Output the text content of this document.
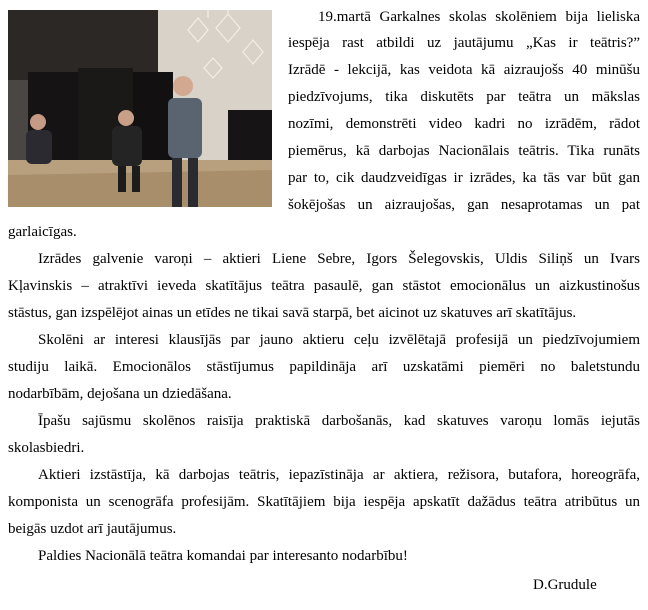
19.martā Garkalnes skolas skolēniem bija lieliska
iespēja rast atbildi uz jautājumu „Kas ir teātris?”
Izrādē - lekcijā, kas veidota kā aizraujošs 40 minūšu
piedzīvojums, tika diskutēts par teātra un mākslas
nozīmi, demonstrēti video kadri no izrādēm, rādot
piemērus, kā darbojas Nacionālais teātris. Tika runāts
par to, cik daudzveidīgas ir izrādes, ka tās var būt gan
šokējošas un aizraujošas, gan nesaprotamas un pat
garlaicīgas.
Izrādes galvenie varoņi – aktieri Liene Sebre, Igors Šelegovskis, Uldis Siliņš un Ivars
Kļavinskis – atraktīvi ieveda skatītājus teātra pasaulē, gan stāstot emocionālus un aizkustinošus
stāstus, gan izspēlējot ainas un etīdes ne tikai savā starpā, bet aicinot uz skatuves arī skatītājus.
Skolēni ar interesi klausījās par jauno aktieru ceļu izvēlētajā profesijā un piedzīvojumiem
studiju laikā. Emocionālos stāstījumus papildināja arī uzskatāmi piemēri no baletstundu
nodarbībām, dejošana un dziedāšana.
Īpašu sajūsmu skolēnos raisīja praktiskā darbošanās, kad skatuves varoņu lomās iejutās
skolasbiedri.
Aktieri izstāstīja, kā darbojas teātris, iepazīstināja ar aktiera, režisora, butafora, horeogrāfa,
komponista un scenogrāfa profesijām. Skatītājiem bija iespēja apskatīt dažādus teātra atribūtus un
beigās uzdot arī jautājumus.
Paldies Nacionālā teātra komandai par interesanto nodarbību!
D.Grudule
